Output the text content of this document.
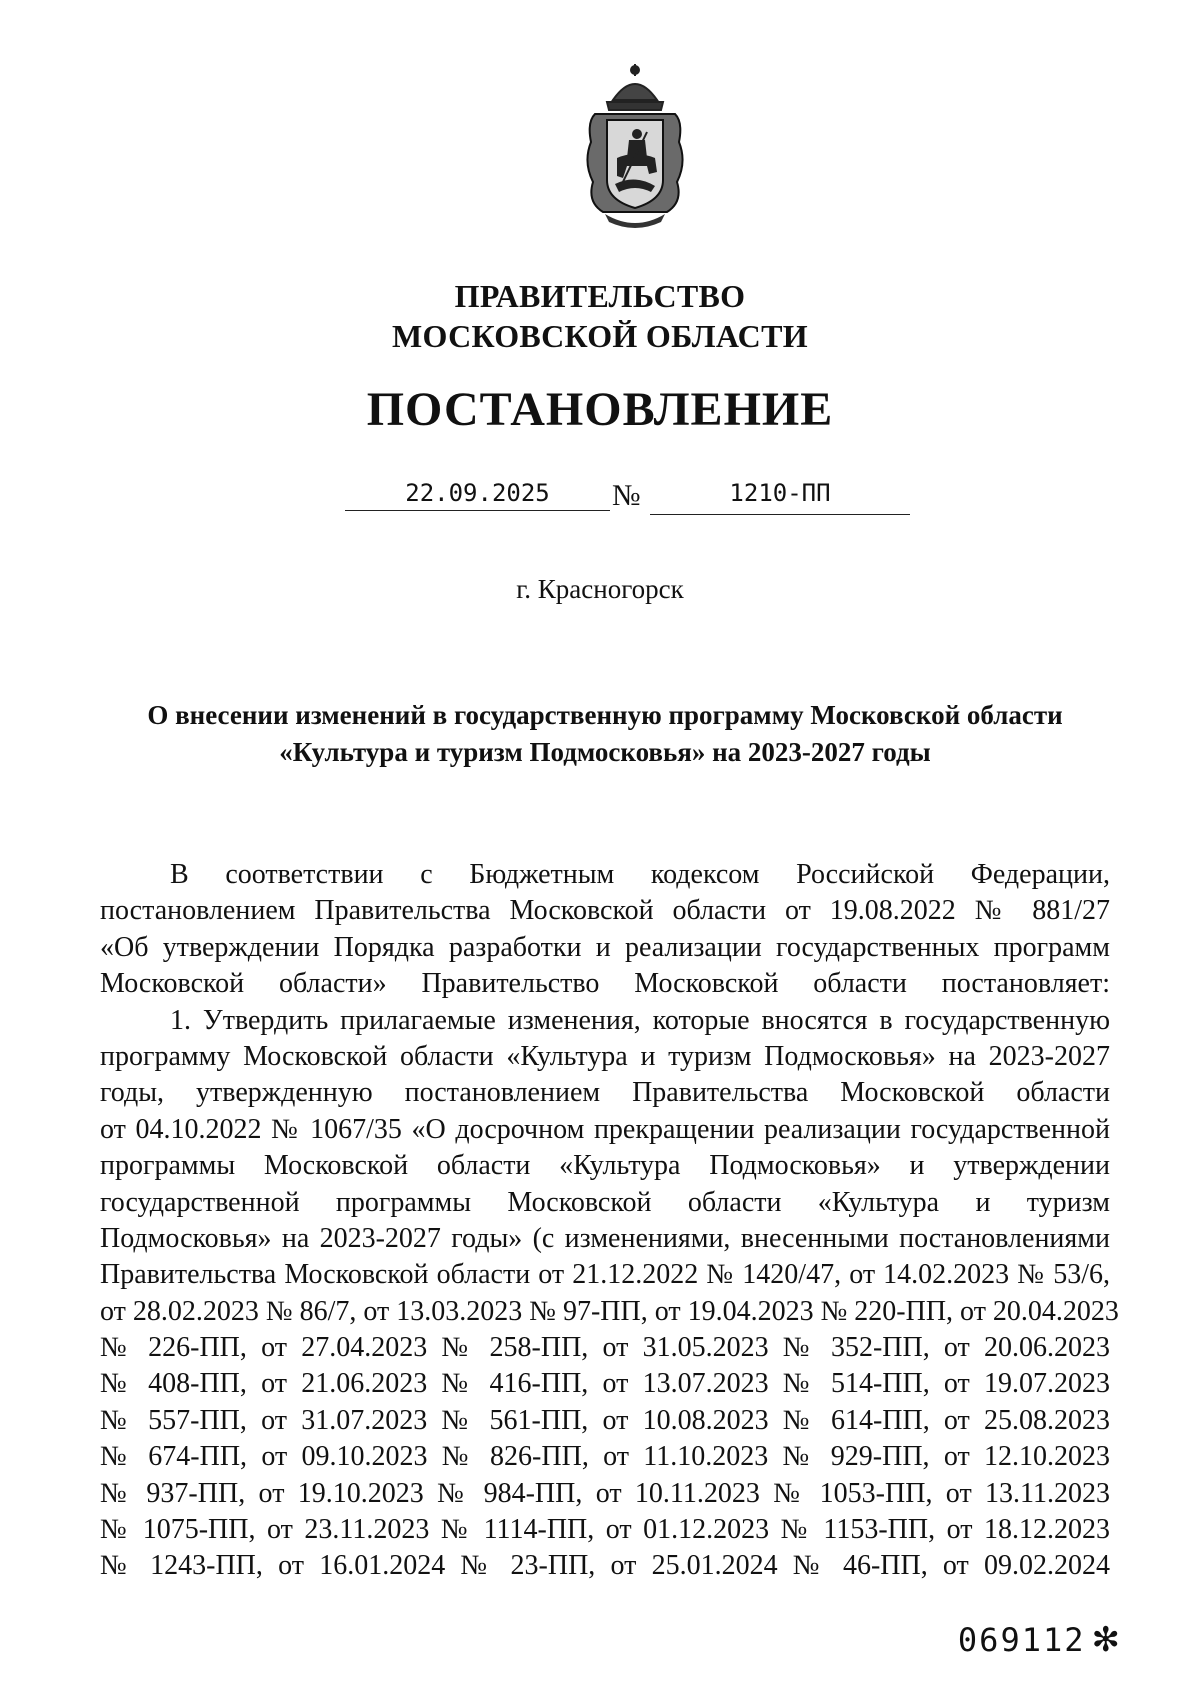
ПРАВИТЕЛЬСТВО
МОСКОВСКОЙ ОБЛАСТИ
ПОСТАНОВЛЕНИЕ
22.09.2025	№	1210-ПП
г. Красногорск
О внесении изменений в государственную программу Московской области
«Культура и туризм Подмосковья» на 2023-2027 годы
В соответствии с Бюджетным кодексом Российской Федерации,
постановлением Правительства Московской области от 19.08.2022 № 881/27
«Об утверждении Порядка разработки и реализации государственных программ
Московской области» Правительство Московской области постановляет:
1. Утвердить прилагаемые изменения, которые вносятся в государственную
программу Московской области «Культура и туризм Подмосковья» на 2023-2027
годы, утвержденную постановлением Правительства Московской области
от 04.10.2022 № 1067/35 «О досрочном прекращении реализации государственной
программы Московской области «Культура Подмосковья» и утверждении
государственной программы Московской области «Культура и туризм
Подмосковья» на 2023-2027 годы» (с изменениями, внесенными постановлениями
Правительства Московской области от 21.12.2022 № 1420/47, от 14.02.2023 № 53/6,
от 28.02.2023 № 86/7, от 13.03.2023 № 97-ПП, от 19.04.2023 № 220-ПП, от 20.04.2023
№ 226-ПП, от 27.04.2023 № 258-ПП, от 31.05.2023 № 352-ПП, от 20.06.2023
№ 408-ПП, от 21.06.2023 № 416-ПП, от 13.07.2023 № 514-ПП, от 19.07.2023
№ 557-ПП, от 31.07.2023 № 561-ПП, от 10.08.2023 № 614-ПП, от 25.08.2023
№ 674-ПП, от 09.10.2023 № 826-ПП, от 11.10.2023 № 929-ПП, от 12.10.2023
№ 937-ПП, от 19.10.2023 № 984-ПП, от 10.11.2023 № 1053-ПП, от 13.11.2023
№ 1075-ПП, от 23.11.2023 № 1114-ПП, от 01.12.2023 № 1153-ПП, от 18.12.2023
№ 1243-ПП, от 16.01.2024 № 23-ПП, от 25.01.2024 № 46-ПП, от 09.02.2024
069112 ✻
